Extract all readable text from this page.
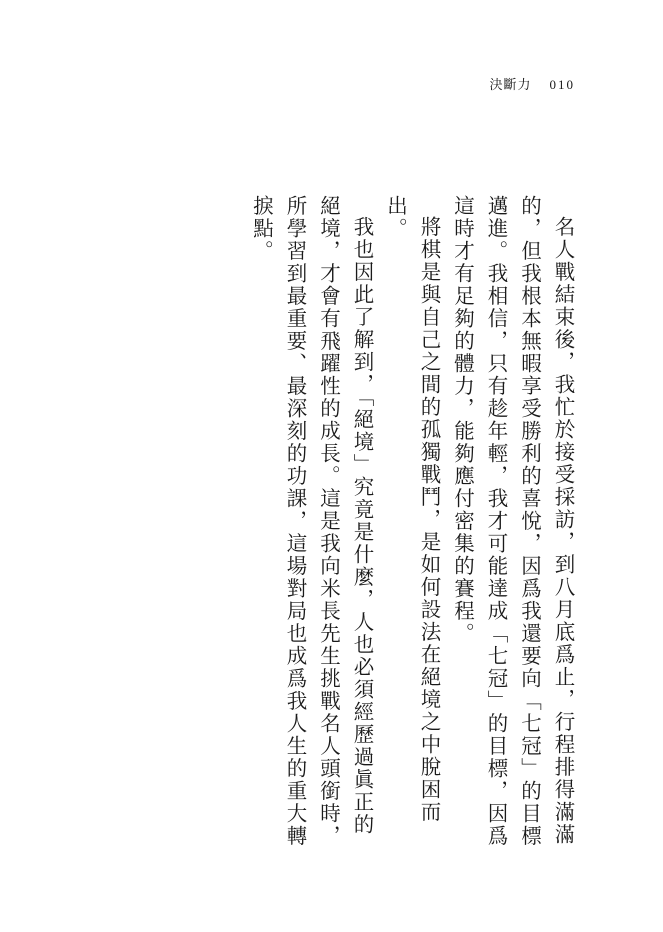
決斷力 010

名人戰結束後，我忙於接受採訪，到八月底爲止，行程排得滿滿的，但我根本無暇享受勝利的喜悅，因爲我還要向「七冠」的目標邁進。我相信，只有趁年輕，我才可能達成「七冠」的目標，因爲這時才有足夠的體力，能夠應付密集的賽程。

將棋是與自己之間的孤獨戰鬥，是如何設法在絕境之中脫困而出。

我也因此了解到，「絕境」究竟是什麼，人也必須經歷過眞正的絕境，才會有飛躍性的成長。這是我向米長先生挑戰名人頭銜時，所學習到最重要、最深刻的功課，這場對局也成爲我人生的重大轉捩點。
